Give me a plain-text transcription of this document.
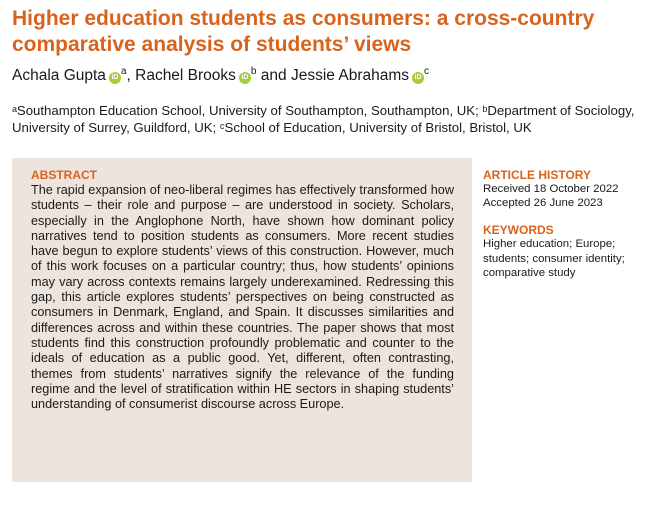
Higher education students as consumers: a cross-country comparative analysis of students’ views
Achala Gupta iD$^a$, Rachel Brooks iD$^b$ and Jessie Abrahams iD$^c$
ᵃSouthampton Education School, University of Southampton, Southampton, UK; ᵇDepartment of Sociology, University of Surrey, Guildford, UK; ᶜSchool of Education, University of Bristol, Bristol, UK
ABSTRACT
The rapid expansion of neo-liberal regimes has effectively transformed how students – their role and purpose – are understood in society. Scholars, especially in the Anglophone North, have shown how dominant policy narratives tend to position students as consumers. More recent studies have begun to explore students’ views of this construction. However, much of this work focuses on a particular country; thus, how students’ opinions may vary across contexts remains largely underexamined. Redressing this gap, this article explores students’ perspectives on being constructed as consumers in Denmark, England, and Spain. It discusses similarities and differences across and within these countries. The paper shows that most students find this construction profoundly problematic and counter to the ideals of education as a public good. Yet, different, often contrasting, themes from students’ narratives signify the relevance of the funding regime and the level of stratification within HE sectors in shaping students’ understanding of consumerist discourse across Europe.
ARTICLE HISTORY
Received 18 October 2022
Accepted 26 June 2023
KEYWORDS
Higher education; Europe; students; consumer identity; comparative study
